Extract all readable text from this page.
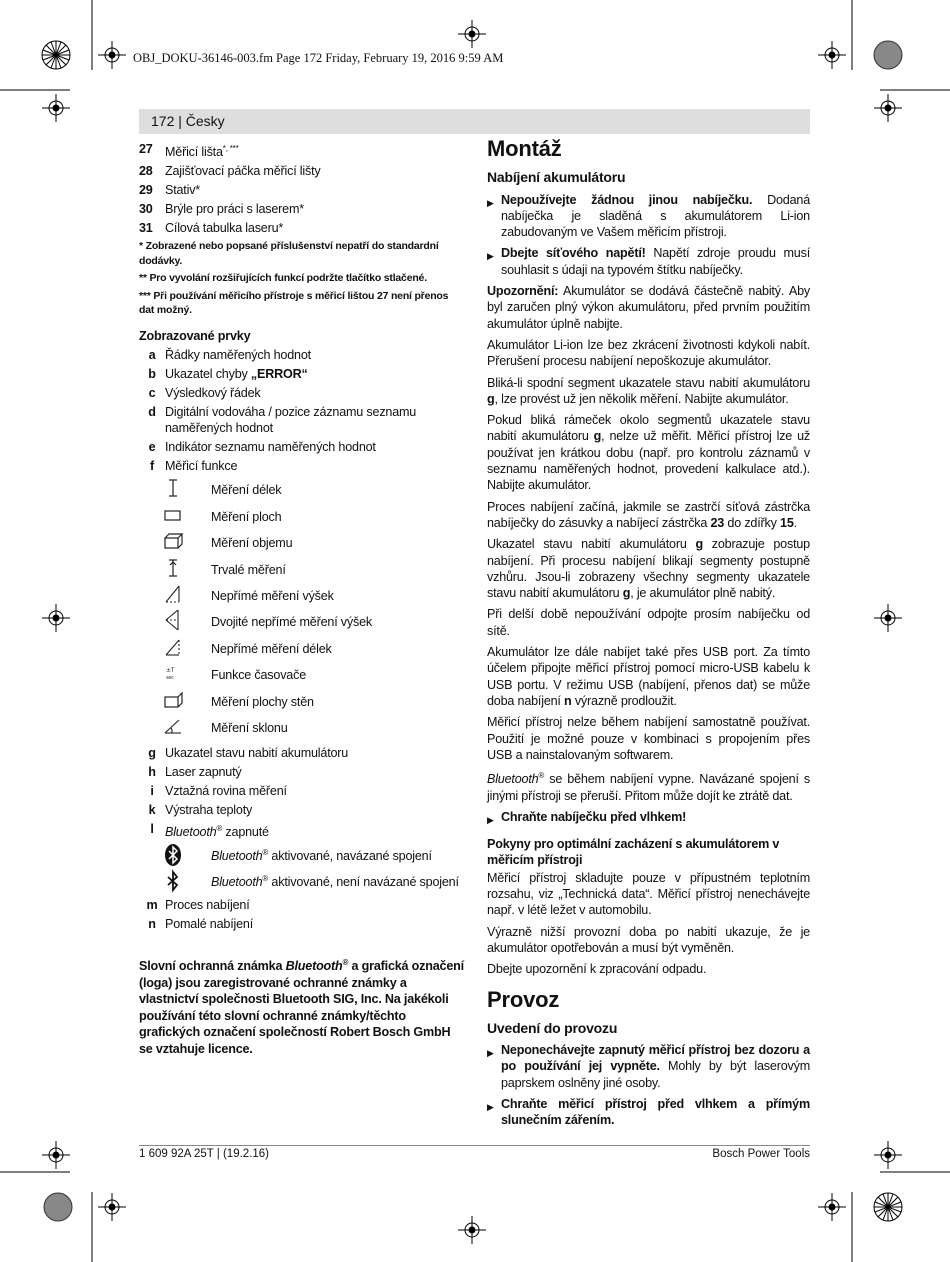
OBJ_DOKU-36146-003.fm Page 172 Friday, February 19, 2016 9:59 AM
172 | Česky
27 Měřicí lišta*, ***
28 Zajišťovací páčka měřicí lišty
29 Stativ*
30 Brýle pro práci s laserem*
31 Cílová tabulka laseru*
* Zobrazené nebo popsané příslušenství nepatří do standardní dodávky.
** Pro vyvolání rozšiřujících funkcí podržte tlačítko stlačené.
*** Při používání měřicího přístroje s měřicí lištou 27 není přenos dat možný.
Zobrazované prvky
a Řádky naměřených hodnot
b Ukazatel chyby „ERROR“
c Výsledkový řádek
d Digitální vodováha / pozice záznamu seznamu naměřených hodnot
e Indikátor seznamu naměřených hodnot
f Měřicí funkce
Měření délek
Měření ploch
Měření objemu
Trvalé měření
Nepřímé měření výšek
Dvojité nepřímé měření výšek
Nepřímé měření délek
±T
sec	Funkce časovače
Měření plochy stěn
Měření sklonu
g Ukazatel stavu nabití akumulátoru
h Laser zapnutý
i Vztažná rovina měření
k Výstraha teploty
l Bluetooth® zapnuté
Bluetooth® aktivované, navázané spojení
Bluetooth® aktivované, není navázané spojení
m Proces nabíjení
n Pomalé nabíjení
Slovní ochranná známka Bluetooth® a grafická označení (loga) jsou zaregistrované ochranné známky a vlastnictví společnosti Bluetooth SIG, Inc. Na jakékoli používání této slovní ochranné známky/těchto grafických označení společností Robert Bosch GmbH se vztahuje licence.
Montáž
Nabíjení akumulátoru
▶ Nepoužívejte žádnou jinou nabíječku. Dodaná nabíječka je sladěná s akumulátorem Li-ion zabudovaným ve Vašem měřicím přístroji.
▶ Dbejte síťového napětí! Napětí zdroje proudu musí souhlasit s údaji na typovém štítku nabíječky.

Upozornění: Akumulátor se dodává částečně nabitý. Aby byl zaručen plný výkon akumulátoru, před prvním použitím akumulátor úplně nabijte.

Akumulátor Li-ion lze bez zkrácení životnosti kdykoli nabít. Přerušení procesu nabíjení nepoškozuje akumulátor.

Bliká-li spodní segment ukazatele stavu nabití akumulátoru g, lze provést už jen několik měření. Nabijte akumulátor.

Pokud bliká rámeček okolo segmentů ukazatele stavu nabití akumulátoru g, nelze už měřit. Měřicí přístroj lze už používat jen krátkou dobu (např. pro kontrolu záznamů v seznamu naměřených hodnot, provedení kalkulace atd.). Nabijte akumulátor.

Proces nabíjení začíná, jakmile se zastrčí síťová zástrčka nabíječky do zásuvky a nabíjecí zástrčka 23 do zdířky 15.

Ukazatel stavu nabití akumulátoru g zobrazuje postup nabíjení. Při procesu nabíjení blikají segmenty postupně vzhůru. Jsou-li zobrazeny všechny segmenty ukazatele stavu nabití akumulátoru g, je akumulátor plně nabitý.

Při delší době nepoužívání odpojte prosím nabíječku od sítě.

Akumulátor lze dále nabíjet také přes USB port. Za tímto účelem připojte měřicí přístroj pomocí micro-USB kabelu k USB portu. V režimu USB (nabíjení, přenos dat) se může doba nabíjení n výrazně prodloužit.

Měřicí přístroj nelze během nabíjení samostatně používat. Použití je možné pouze v kombinaci s propojením přes USB a nainstalovaným softwarem.

Bluetooth® se během nabíjení vypne. Navázané spojení s jinými přístroji se přeruší. Přitom může dojít ke ztrátě dat.

▶ Chraňte nabíječku před vlhkem!
Pokyny pro optimální zacházení s akumulátorem v měřicím přístroji

Měřicí přístroj skladujte pouze v přípustném teplotním rozsahu, viz „Technická data“. Měřicí přístroj nenechávejte např. v létě ležet v automobilu.

Výrazně nižší provozní doba po nabití ukazuje, že je akumulátor opotřebován a musí být vyměněn.

Dbejte upozornění k zpracování odpadu.

Provoz
Uvedení do provozu
▶ Neponechávejte zapnutý měřicí přístroj bez dozoru a po používání jej vypněte. Mohly by být laserovým paprskem oslněny jiné osoby.
▶ Chraňte měřicí přístroj před vlhkem a přímým slunečním zářením.
1 609 92A 25T | (19.2.16)	Bosch Power Tools
